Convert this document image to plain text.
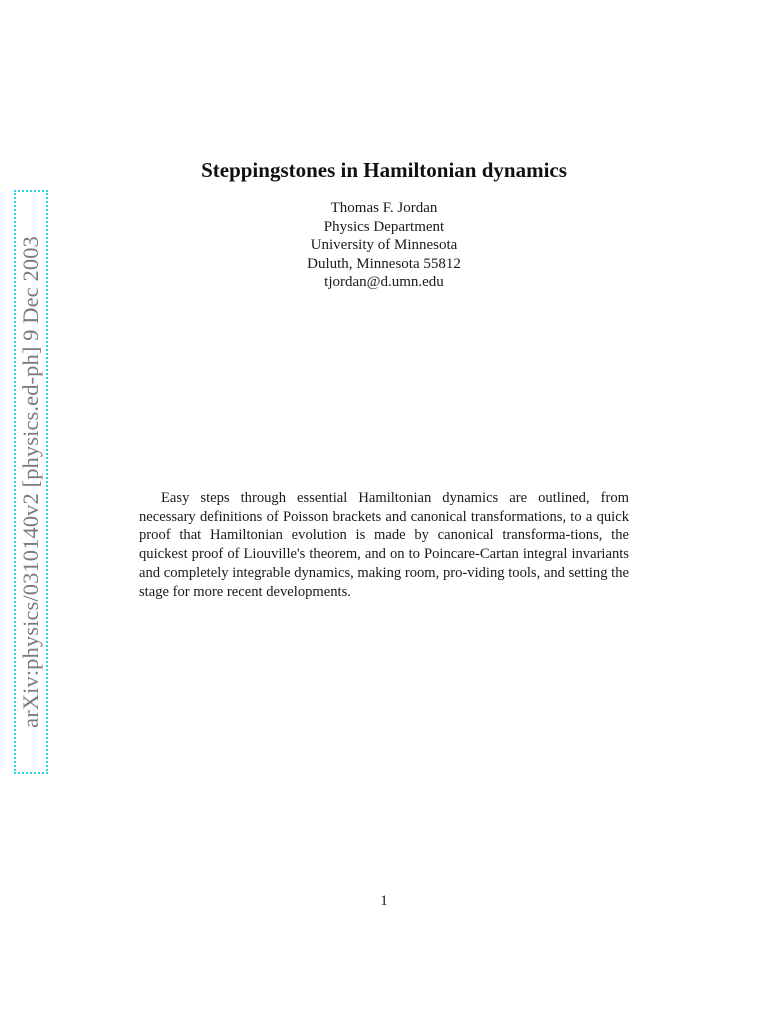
arXiv:physics/0310140v2 [physics.ed-ph] 9 Dec 2003
Steppingstones in Hamiltonian dynamics
Thomas F. Jordan
Physics Department
University of Minnesota
Duluth, Minnesota 55812
tjordan@d.umn.edu
Easy steps through essential Hamiltonian dynamics are outlined, from necessary definitions of Poisson brackets and canonical transformations, to a quick proof that Hamiltonian evolution is made by canonical transforma-tions, the quickest proof of Liouville's theorem, and on to Poincare-Cartan integral invariants and completely integrable dynamics, making room, pro-viding tools, and setting the stage for more recent developments.
1
